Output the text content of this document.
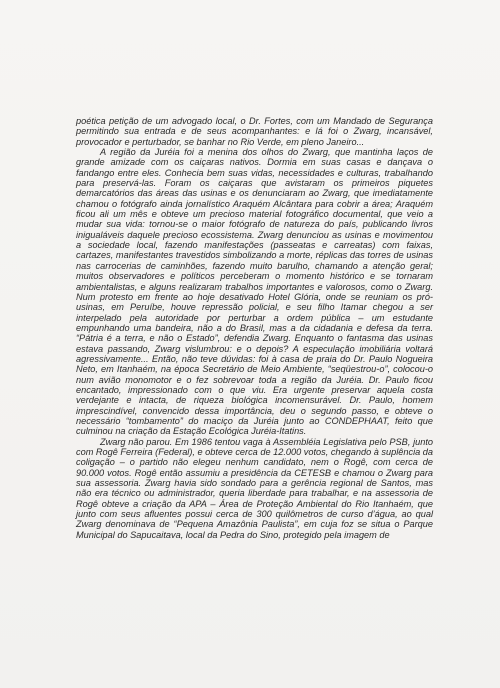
poética petição de um advogado local, o Dr. Fortes, com um Mandado de Segurança permitindo sua entrada e de seus acompanhantes: e lá foi o Zwarg, incansável, provocador e perturbador, se banhar no Rio Verde, em pleno Janeiro...

A região da Juréia foi a menina dos olhos do Zwarg, que mantinha laços de grande amizade com os caiçaras nativos. Dormia em suas casas e dançava o fandango entre eles. Conhecia bem suas vidas, necessidades e culturas, trabalhando para preservá-las. Foram os caiçaras que avistaram os primeiros piquetes demarcatórios das áreas das usinas e os denunciaram ao Zwarg, que imediatamente chamou o fotógrafo ainda jornalístico Araquém Alcântara para cobrir a área; Araquém ficou ali um mês e obteve um precioso material fotográfico documental, que veio a mudar sua vida: tornou-se o maior fotógrafo de natureza do país, publicando livros inigualáveis daquele precioso ecossistema. Zwarg denunciou as usinas e movimentou a sociedade local, fazendo manifestações (passeatas e carreatas) com faixas, cartazes, manifestantes travestidos simbolizando a morte, réplicas das torres de usinas nas carrocerias de caminhões, fazendo muito barulho, chamando a atenção geral; muitos observadores e políticos perceberam o momento histórico e se tornaram ambientalistas, e alguns realizaram trabalhos importantes e valorosos, como o Zwarg. Num protesto em frente ao hoje desativado Hotel Glória, onde se reuniam os pró-usinas, em Peruíbe, houve repressão policial, e seu filho Itamar chegou a ser interpelado pela autoridade por perturbar a ordem pública – um estudante empunhando uma bandeira, não a do Brasil, mas a da cidadania e defesa da terra. “Pátria é a terra, e não o Estado”, defendia Zwarg. Enquanto o fantasma das usinas estava passando, Zwarg vislumbrou: e o depois? A especulação imobiliária voltará agressivamente... Então, não teve dúvidas: foi à casa de praia do Dr. Paulo Nogueira Neto, em Itanhaém, na época Secretário de Meio Ambiente, “seqüestrou-o”, colocou-o num avião monomotor e o fez sobrevoar toda a região da Juréia. Dr. Paulo ficou encantado, impressionado com o que viu. Era urgente preservar aquela costa verdejante e intacta, de riqueza biológica incomensurável. Dr. Paulo, homem imprescindível, convencido dessa importância, deu o segundo passo, e obteve o necessário “tombamento” do maciço da Juréia junto ao CONDEPHAAT, feito que culminou na criação da Estação Ecológica Juréia-Itatins.

Zwarg não parou. Em 1986 tentou vaga à Assembléia Legislativa pelo PSB, junto com Rogê Ferreira (Federal), e obteve cerca de 12.000 votos, chegando à suplência da coligação – o partido não elegeu nenhum candidato, nem o Rogê, com cerca de 90.000 votos. Rogê então assumiu a presidência da CETESB e chamou o Zwarg para sua assessoria. Zwarg havia sido sondado para a gerência regional de Santos, mas não era técnico ou administrador, queria liberdade para trabalhar, e na assessoria de Rogê obteve a criação da APA – Área de Proteção Ambiental do Rio Itanhaém, que junto com seus afluentes possui cerca de 300 quilômetros de curso d’água, ao qual Zwarg denominava de “Pequena Amazônia Paulista”, em cuja foz se situa o Parque Municipal do Sapucaitava, local da Pedra do Sino, protegido pela imagem de
